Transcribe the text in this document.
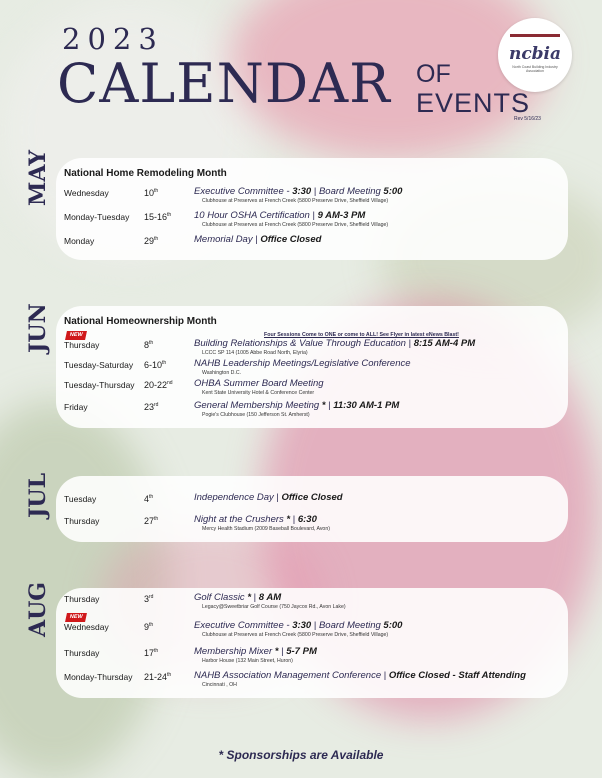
2023
CALENDAR OF
EVENTS
Rev 5/16/23
ncbia
North Coast Building Industry Association
MAY National Home Remodeling Month
Wednesday	10th	Executive Committee - 3:30 | Board Meeting 5:00
Clubhouse at Preserves at French Creek (5800 Preserve Drive, Sheffield Village)
Monday-Tuesday 15-16th 10 Hour OSHA Certification | 9 AM-3 PM
Clubhouse at Preserves at French Creek (5800 Preserve Drive, Sheffield Village)
Monday	29th	Memorial Day | Office Closed
JUN National Homeownership Month
Four Sessions Come to ONE or come to ALL! See Flyer in latest eNews Blast!
NEW
Thursday	8th	Building Relationships & Value Through Education | 8:15 AM-4 PM
LCCC SP 114 (1005 Abbe Road North, Elyria)
Tuesday-Saturday 6-10th	NAHB Leadership Meetings/Legislative Conference
Washington D.C.
Tuesday-Thursday 20-22nd OHBA Summer Board Meeting
Kent State University Hotel & Conference Center
Friday	23rd	General Membership Meeting * | 11:30 AM-1 PM
Pogie's Clubhouse (150 Jefferson St. Amherst)
JUL Tuesday	4th	Independence Day | Office Closed
Thursday	27th	Night at the Crushers * | 6:30
Mercy Health Stadium (2009 Baseball Boulevard, Avon)
AUG Thursday	3rd	Golf Classic * | 8 AM
Legacy@Sweetbriar Golf Course (750 Jaycox Rd., Avon Lake)
NEW
Wednesday	9th	Executive Committee - 3:30 | Board Meeting 5:00
Clubhouse at Preserves at French Creek (5800 Preserve Drive, Sheffield Village)
Thursday	17th	Membership Mixer * | 5-7 PM
Harbor House (132 Main Street, Huron)
Monday-Thursday 21-24th NAHB Association Management Conference | Office Closed - Staff Attending
Cincinnati , OH
* Sponsorships are Available
